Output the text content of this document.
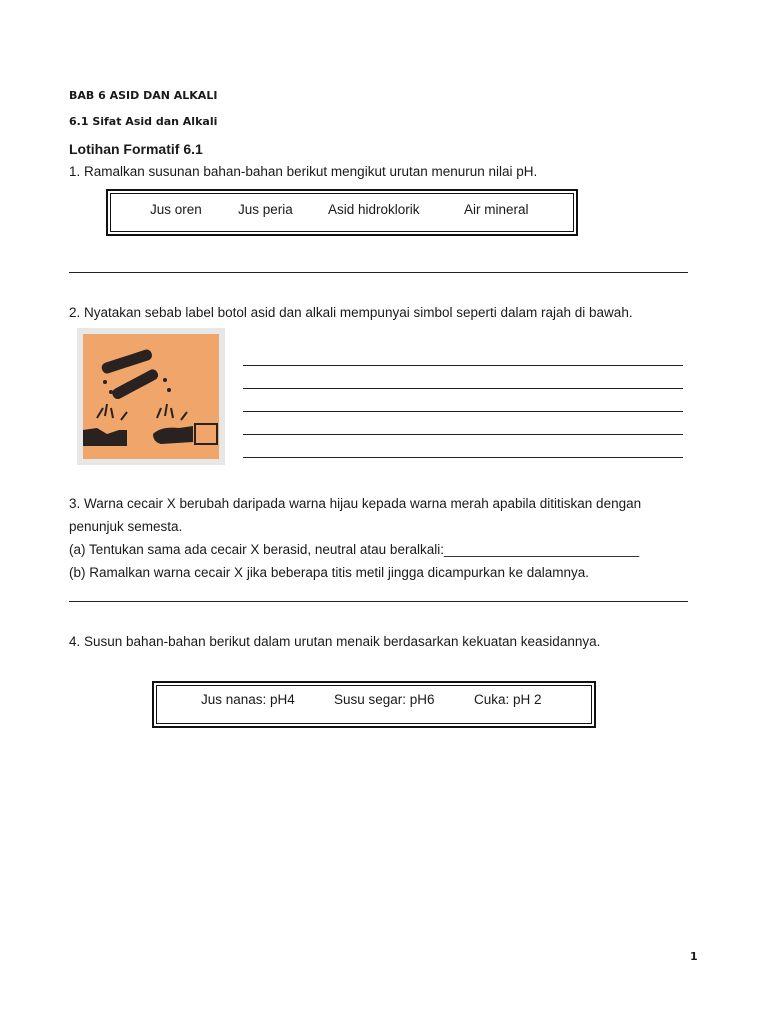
BAB 6 ASID DAN ALKALI
6.1 Sifat Asid dan Alkali
Lotihan Formatif 6.1
1. Ramalkan susunan bahan-bahan berikut mengikut urutan menurun nilai pH.
Jus oren	Jus peria	Asid hidroklorik	Air mineral
2. Nyatakan sebab label botol asid dan alkali mempunyai simbol seperti dalam rajah di bawah.
3. Warna cecair X berubah daripada warna hijau kepada warna merah apabila dititiskan dengan
penunjuk semesta.
(a) Tentukan sama ada cecair X berasid, neutral atau beralkali:__________________________
(b) Ramalkan warna cecair X jika beberapa titis metil jingga dicampurkan ke dalamnya.
4. Susun bahan-bahan berikut dalam urutan menaik berdasarkan kekuatan keasidannya.
Jus nanas: pH4	Susu segar: pH6	Cuka: pH 2
1
